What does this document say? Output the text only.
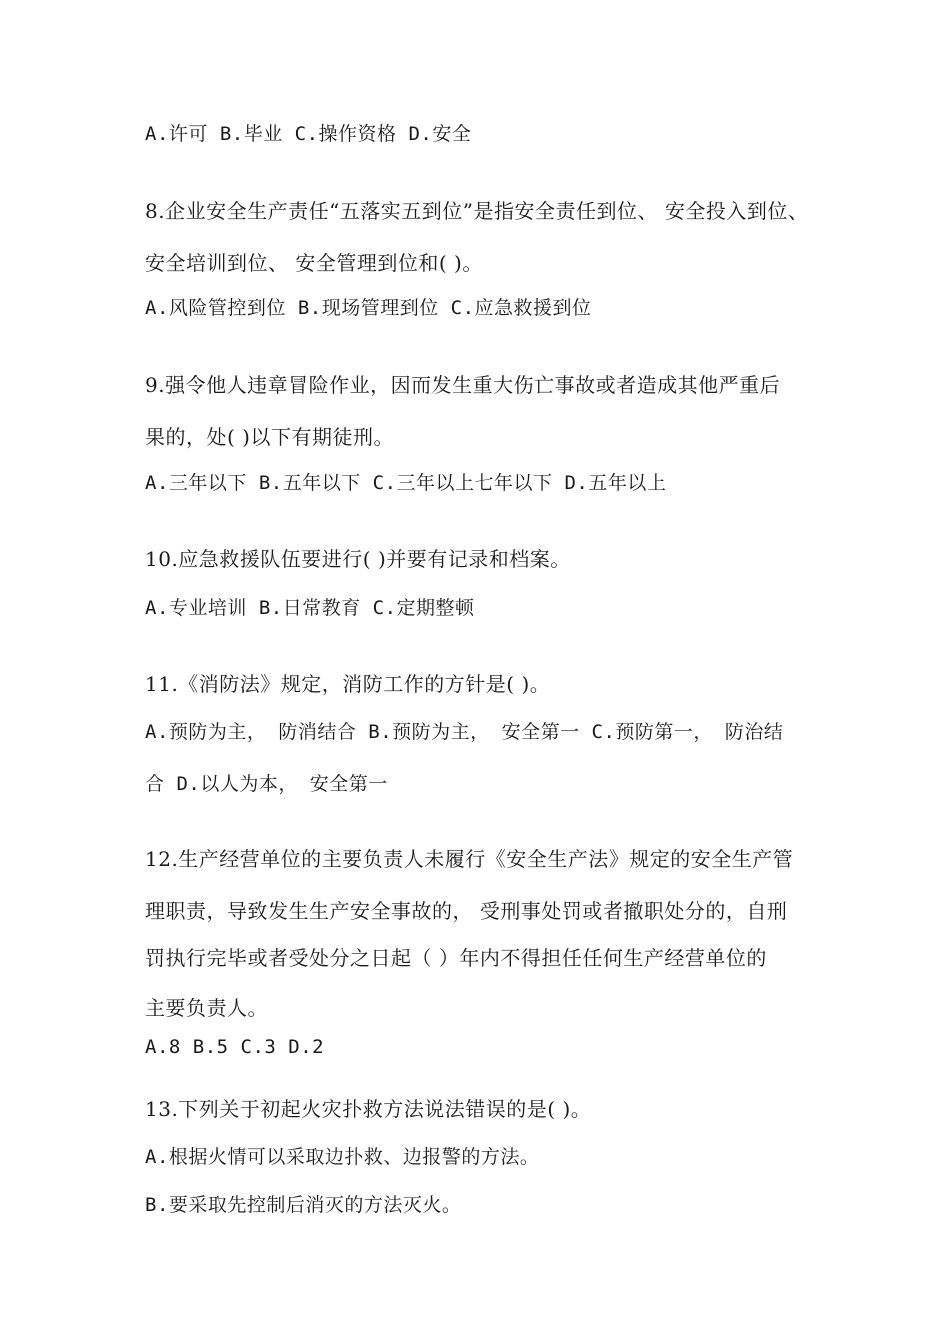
A.许可 B.毕业 C.操作资格 D.安全
8.企业安全生产责任“五落实五到位”是指安全责任到位、 安全投入到位、
安全培训到位、 安全管理到位和( )。
A.风险管控到位 B.现场管理到位 C.应急救援到位
9.强令他人违章冒险作业，因而发生重大伤亡事故或者造成其他严重后
果的，处( )以下有期徒刑。
A.三年以下 B.五年以下 C.三年以上七年以下 D.五年以上
10.应急救援队伍要进行( )并要有记录和档案。
A.专业培训 B.日常教育 C.定期整顿
11.《消防法》规定，消防工作的方针是( )。
A.预防为主， 防消结合 B.预防为主， 安全第一 C.预防第一， 防治结
合 D.以人为本， 安全第一
12.生产经营单位的主要负责人未履行《安全生产法》规定的安全生产管
理职责，导致发生生产安全事故的， 受刑事处罚或者撤职处分的，自刑
罚执行完毕或者受处分之日起（ ）年内不得担任任何生产经营单位的
主要负责人。
A.8 B.5 C.3 D.2
13.下列关于初起火灾扑救方法说法错误的是( )。
A.根据火情可以采取边扑救、边报警的方法。
B.要采取先控制后消灭的方法灭火。
